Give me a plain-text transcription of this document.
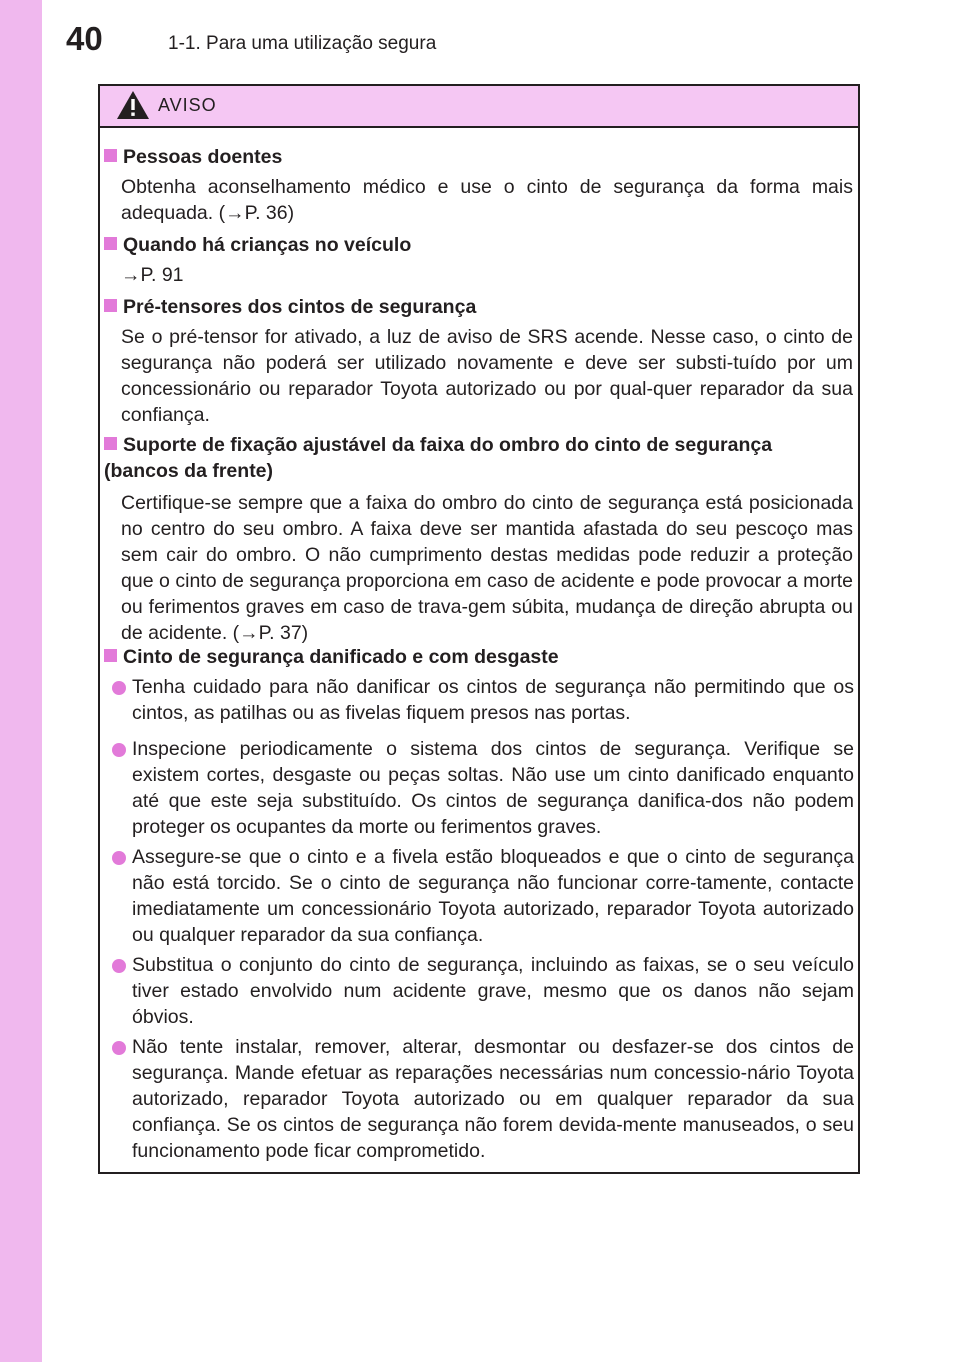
40	1-1. Para uma utilização segura
AVISO
Pessoas doentes
Obtenha aconselhamento médico e use o cinto de segurança da forma mais adequada. (→P. 36)
Quando há crianças no veículo
→P. 91
Pré-tensores dos cintos de segurança
Se o pré-tensor for ativado, a luz de aviso de SRS acende. Nesse caso, o cinto de segurança não poderá ser utilizado novamente e deve ser substi-tuído por um concessionário ou reparador Toyota autorizado ou por qual-quer reparador da sua confiança.
Suporte de fixação ajustável da faixa do ombro do cinto de segurança (bancos da frente)
Certifique-se sempre que a faixa do ombro do cinto de segurança está posicionada no centro do seu ombro. A faixa deve ser mantida afastada do seu pescoço mas sem cair do ombro. O não cumprimento destas medidas pode reduzir a proteção que o cinto de segurança proporciona em caso de acidente e pode provocar a morte ou ferimentos graves em caso de trava-gem súbita, mudança de direção abrupta ou de acidente. (→P. 37)
Cinto de segurança danificado e com desgaste
Tenha cuidado para não danificar os cintos de segurança não permitindo que os cintos, as patilhas ou as fivelas fiquem presos nas portas.
Inspecione periodicamente o sistema dos cintos de segurança. Verifique se existem cortes, desgaste ou peças soltas. Não use um cinto danificado enquanto até que este seja substituído. Os cintos de segurança danifica-dos não podem proteger os ocupantes da morte ou ferimentos graves.
Assegure-se que o cinto e a fivela estão bloqueados e que o cinto de segurança não está torcido. Se o cinto de segurança não funcionar corre-tamente, contacte imediatamente um concessionário Toyota autorizado, reparador Toyota autorizado ou qualquer reparador da sua confiança.
Substitua o conjunto do cinto de segurança, incluindo as faixas, se o seu veículo tiver estado envolvido num acidente grave, mesmo que os danos não sejam óbvios.
Não tente instalar, remover, alterar, desmontar ou desfazer-se dos cintos de segurança. Mande efetuar as reparações necessárias num concessio-nário Toyota autorizado, reparador Toyota autorizado ou em qualquer reparador da sua confiança. Se os cintos de segurança não forem devida-mente manuseados, o seu funcionamento pode ficar comprometido.
